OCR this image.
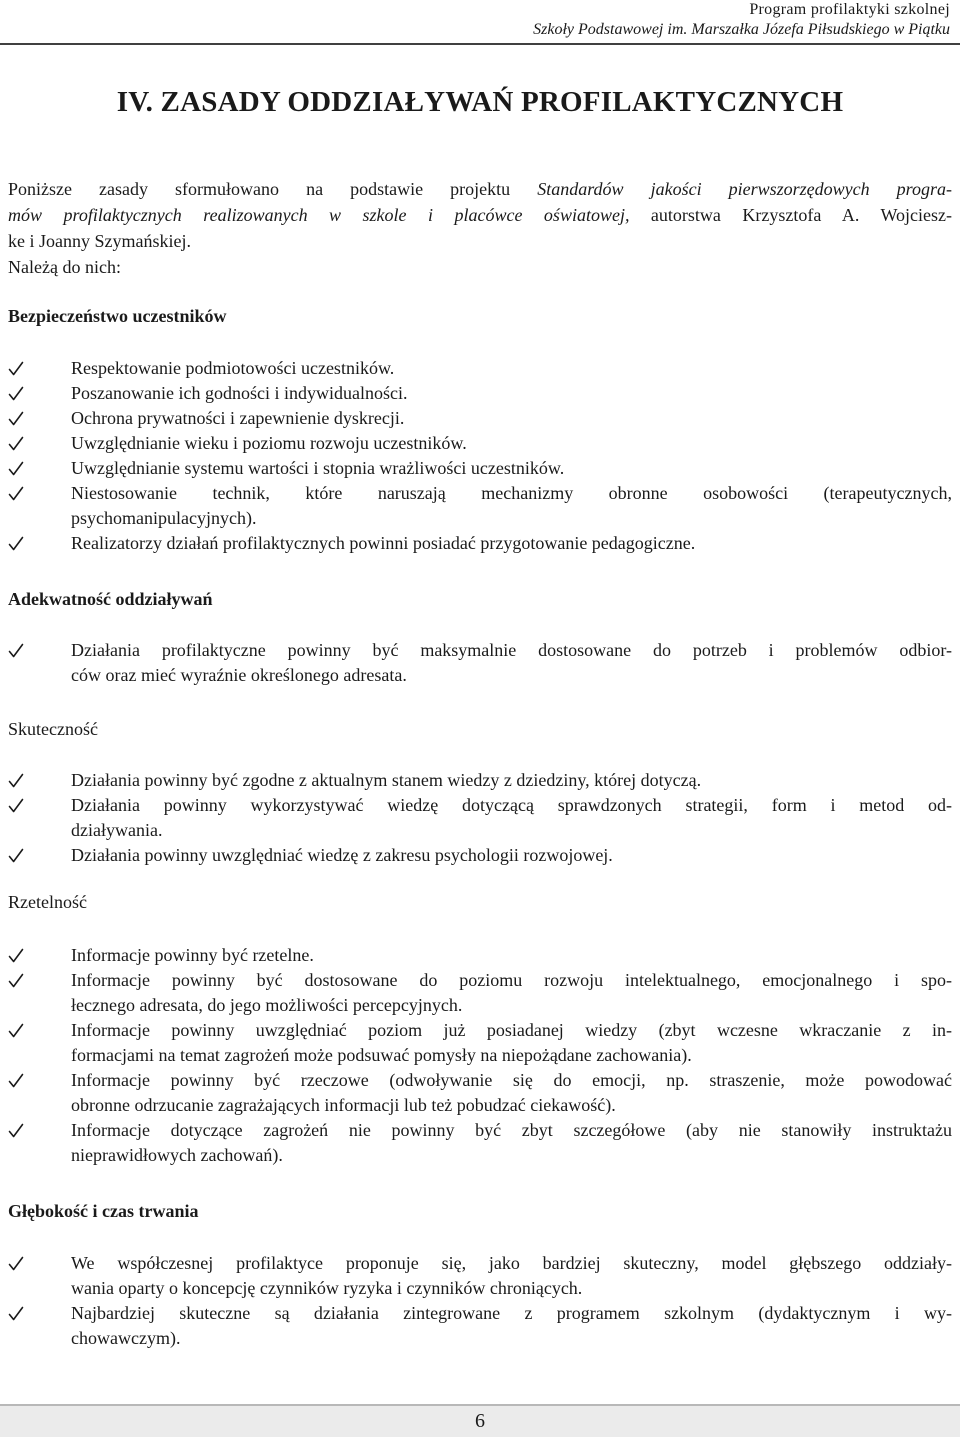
Program profilaktyki szkolnej
Szkoły Podstawowej im. Marszałka Józefa Piłsudskiego w Piątku
IV. ZASADY ODDZIAŁYWAŃ PROFILAKTYCZNYCH
Poniższe zasady sformułowano na podstawie projektu Standardów jakości pierwszorzędowych progra-
mów profilaktycznych realizowanych w szkole i placówce oświatowej, autorstwa Krzysztofa A. Wojciesz-
ke i Joanny Szymańskiej.
Należą do nich:
Bezpieczeństwo uczestników
Respektowanie podmiotowości uczestników.
Poszanowanie ich godności i indywidualności.
Ochrona prywatności i zapewnienie dyskrecji.
Uwzględnianie wieku i poziomu rozwoju uczestników.
Uwzględnianie systemu wartości i stopnia wrażliwości uczestników.
Niestosowanie technik, które naruszają mechanizmy obronne osobowości (terapeutycznych,
psychomanipulacyjnych).
Realizatorzy działań profilaktycznych powinni posiadać przygotowanie pedagogiczne.
Adekwatność oddziaływań
Działania profilaktyczne powinny być maksymalnie dostosowane do potrzeb i problemów odbior-
ców oraz mieć wyraźnie określonego adresata.
Skuteczność
Działania powinny być zgodne z aktualnym stanem wiedzy z dziedziny, której dotyczą.
Działania powinny wykorzystywać wiedzę dotyczącą sprawdzonych strategii, form i metod od-
działywania.
Działania powinny uwzględniać wiedzę z zakresu psychologii rozwojowej.
Rzetelność
Informacje powinny być rzetelne.
Informacje powinny być dostosowane do poziomu rozwoju intelektualnego, emocjonalnego i spo-
łecznego adresata, do jego możliwości percepcyjnych.
Informacje powinny uwzględniać poziom już posiadanej wiedzy (zbyt wczesne wkraczanie z in-
formacjami na temat zagrożeń może podsuwać pomysły na niepożądane zachowania).
Informacje powinny być rzeczowe (odwoływanie się do emocji, np. straszenie, może powodować
obronne odrzucanie zagrażających informacji lub też pobudzać ciekawość).
Informacje dotyczące zagrożeń nie powinny być zbyt szczegółowe (aby nie stanowiły instruktażu
nieprawidłowych zachowań).
Głębokość i czas trwania
We współczesnej profilaktyce proponuje się, jako bardziej skuteczny, model głębszego oddziały-
wania oparty o koncepcję czynników ryzyka i czynników chroniących.
Najbardziej skuteczne są działania zintegrowane z programem szkolnym (dydaktycznym i wy-
chowawczym).
6
